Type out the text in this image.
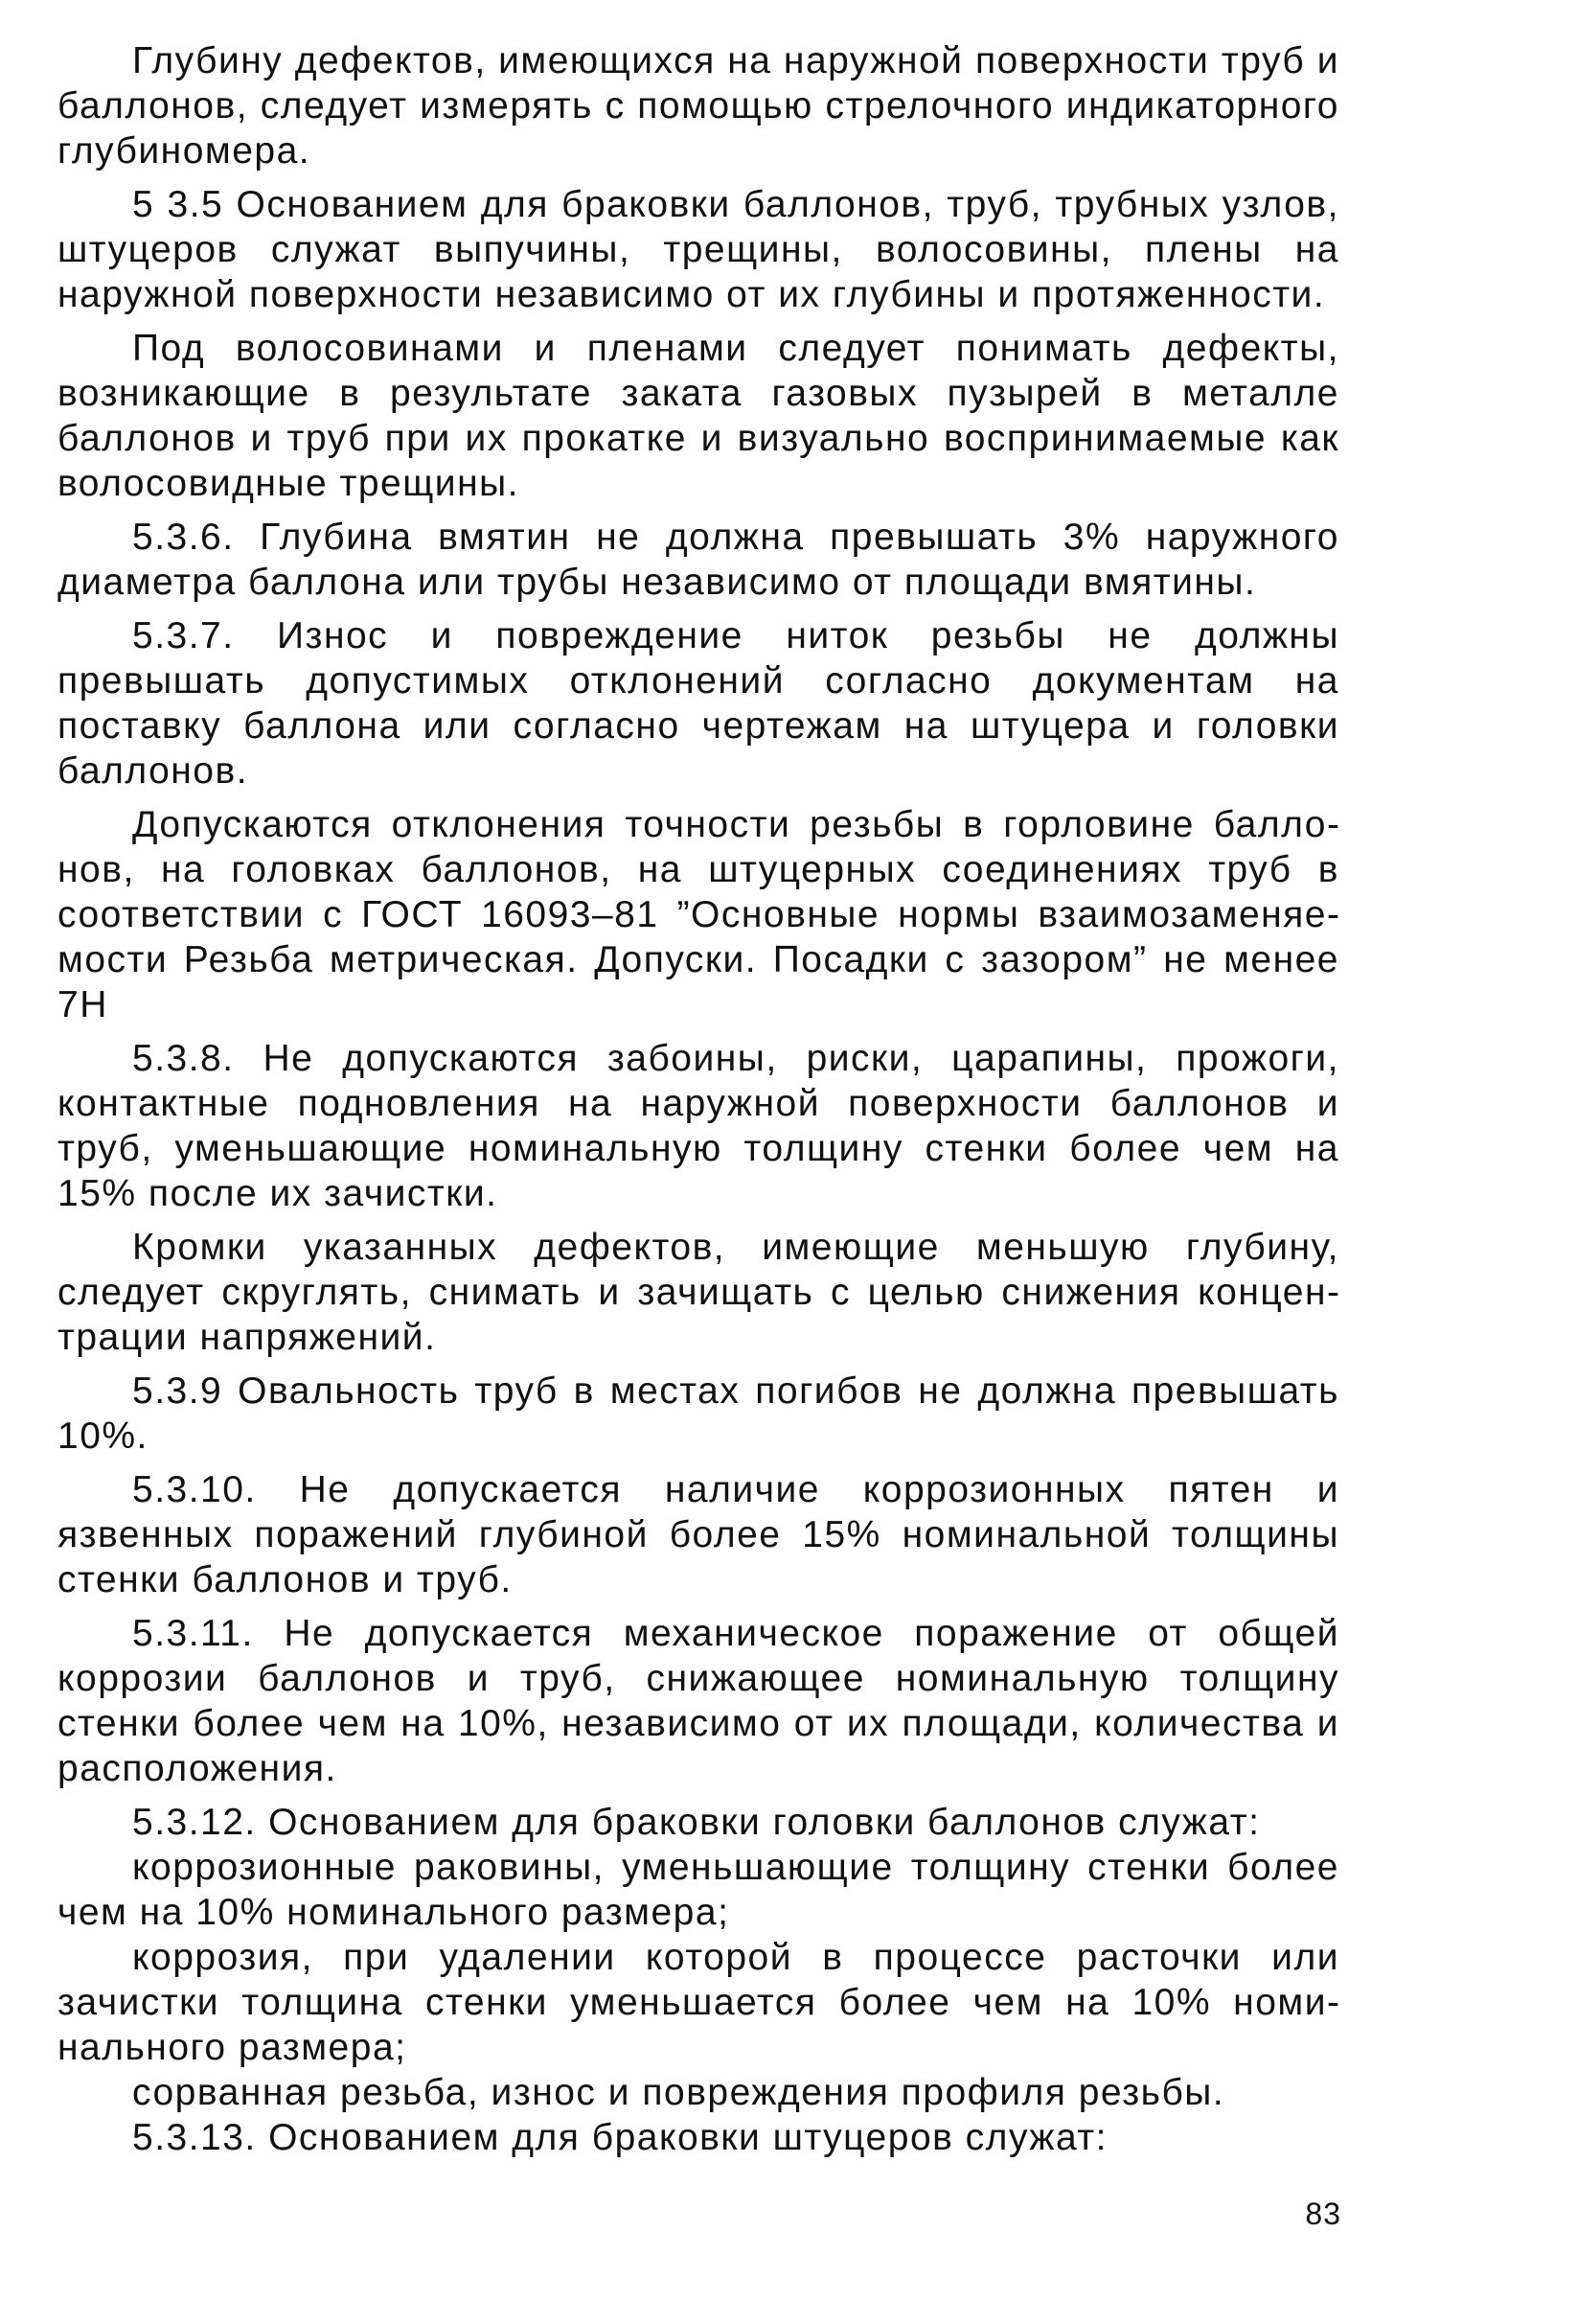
Глубину дефектов, имеющихся на наружной поверхности труб и баллонов, следует измерять с помощью стрелочного индикаторного глубиномера.

5 3.5 Основанием для браковки баллонов, труб, трубных узлов, штуцеров служат выпучины, трещины, волосовины, плены на наружной поверхности независимо от их глубины и протяженности.

Под волосовинами и пленами следует понимать дефекты, возникающие в результате заката газовых пузырей в металле баллонов и труб при их прокатке и визуально воспринимаемые как волосовидные трещины.

5.3.6. Глубина вмятин не должна превышать 3% наружного диаметра баллона или трубы независимо от площади вмятины.

5.3.7. Износ и повреждение ниток резьбы не должны превышать допустимых отклонений согласно документам на поставку баллона или согласно чертежам на штуцера и головки баллонов.

Допускаются отклонения точности резьбы в горловине баллонов, на головках баллонов, на штуцерных соединениях труб в соответствии с ГОСТ 16093–81 ”Основные нормы взаимозаменяемости Резьба метрическая. Допуски. Посадки с зазором” не менее 7Н

5.3.8. Не допускаются забоины, риски, царапины, прожоги, контактные подновления на наружной поверхности баллонов и труб, уменьшающие номинальную толщину стенки более чем на 15% после их зачистки.

Кромки указанных дефектов, имеющие меньшую глубину, следует скруглять, снимать и зачищать с целью снижения концентрации напряжений.

5.3.9 Овальность труб в местах погибов не должна превышать 10%.

5.3.10. Не допускается наличие коррозионных пятен и язвенных поражений глубиной более 15% номинальной толщины стенки баллонов и труб.

5.3.11. Не допускается механическое поражение от общей коррозии баллонов и труб, снижающее номинальную толщину стенки более чем на 10%, независимо от их площади, количества и расположения.

5.3.12. Основанием для браковки головки баллонов служат:

коррозионные раковины, уменьшающие толщину стенки более чем на 10% номинального размера;

коррозия, при удалении которой в процессе расточки или зачистки толщина стенки уменьшается более чем на 10% номинального размера;

сорванная резьба, износ и повреждения профиля резьбы.

5.3.13. Основанием для браковки штуцеров служат:

83
